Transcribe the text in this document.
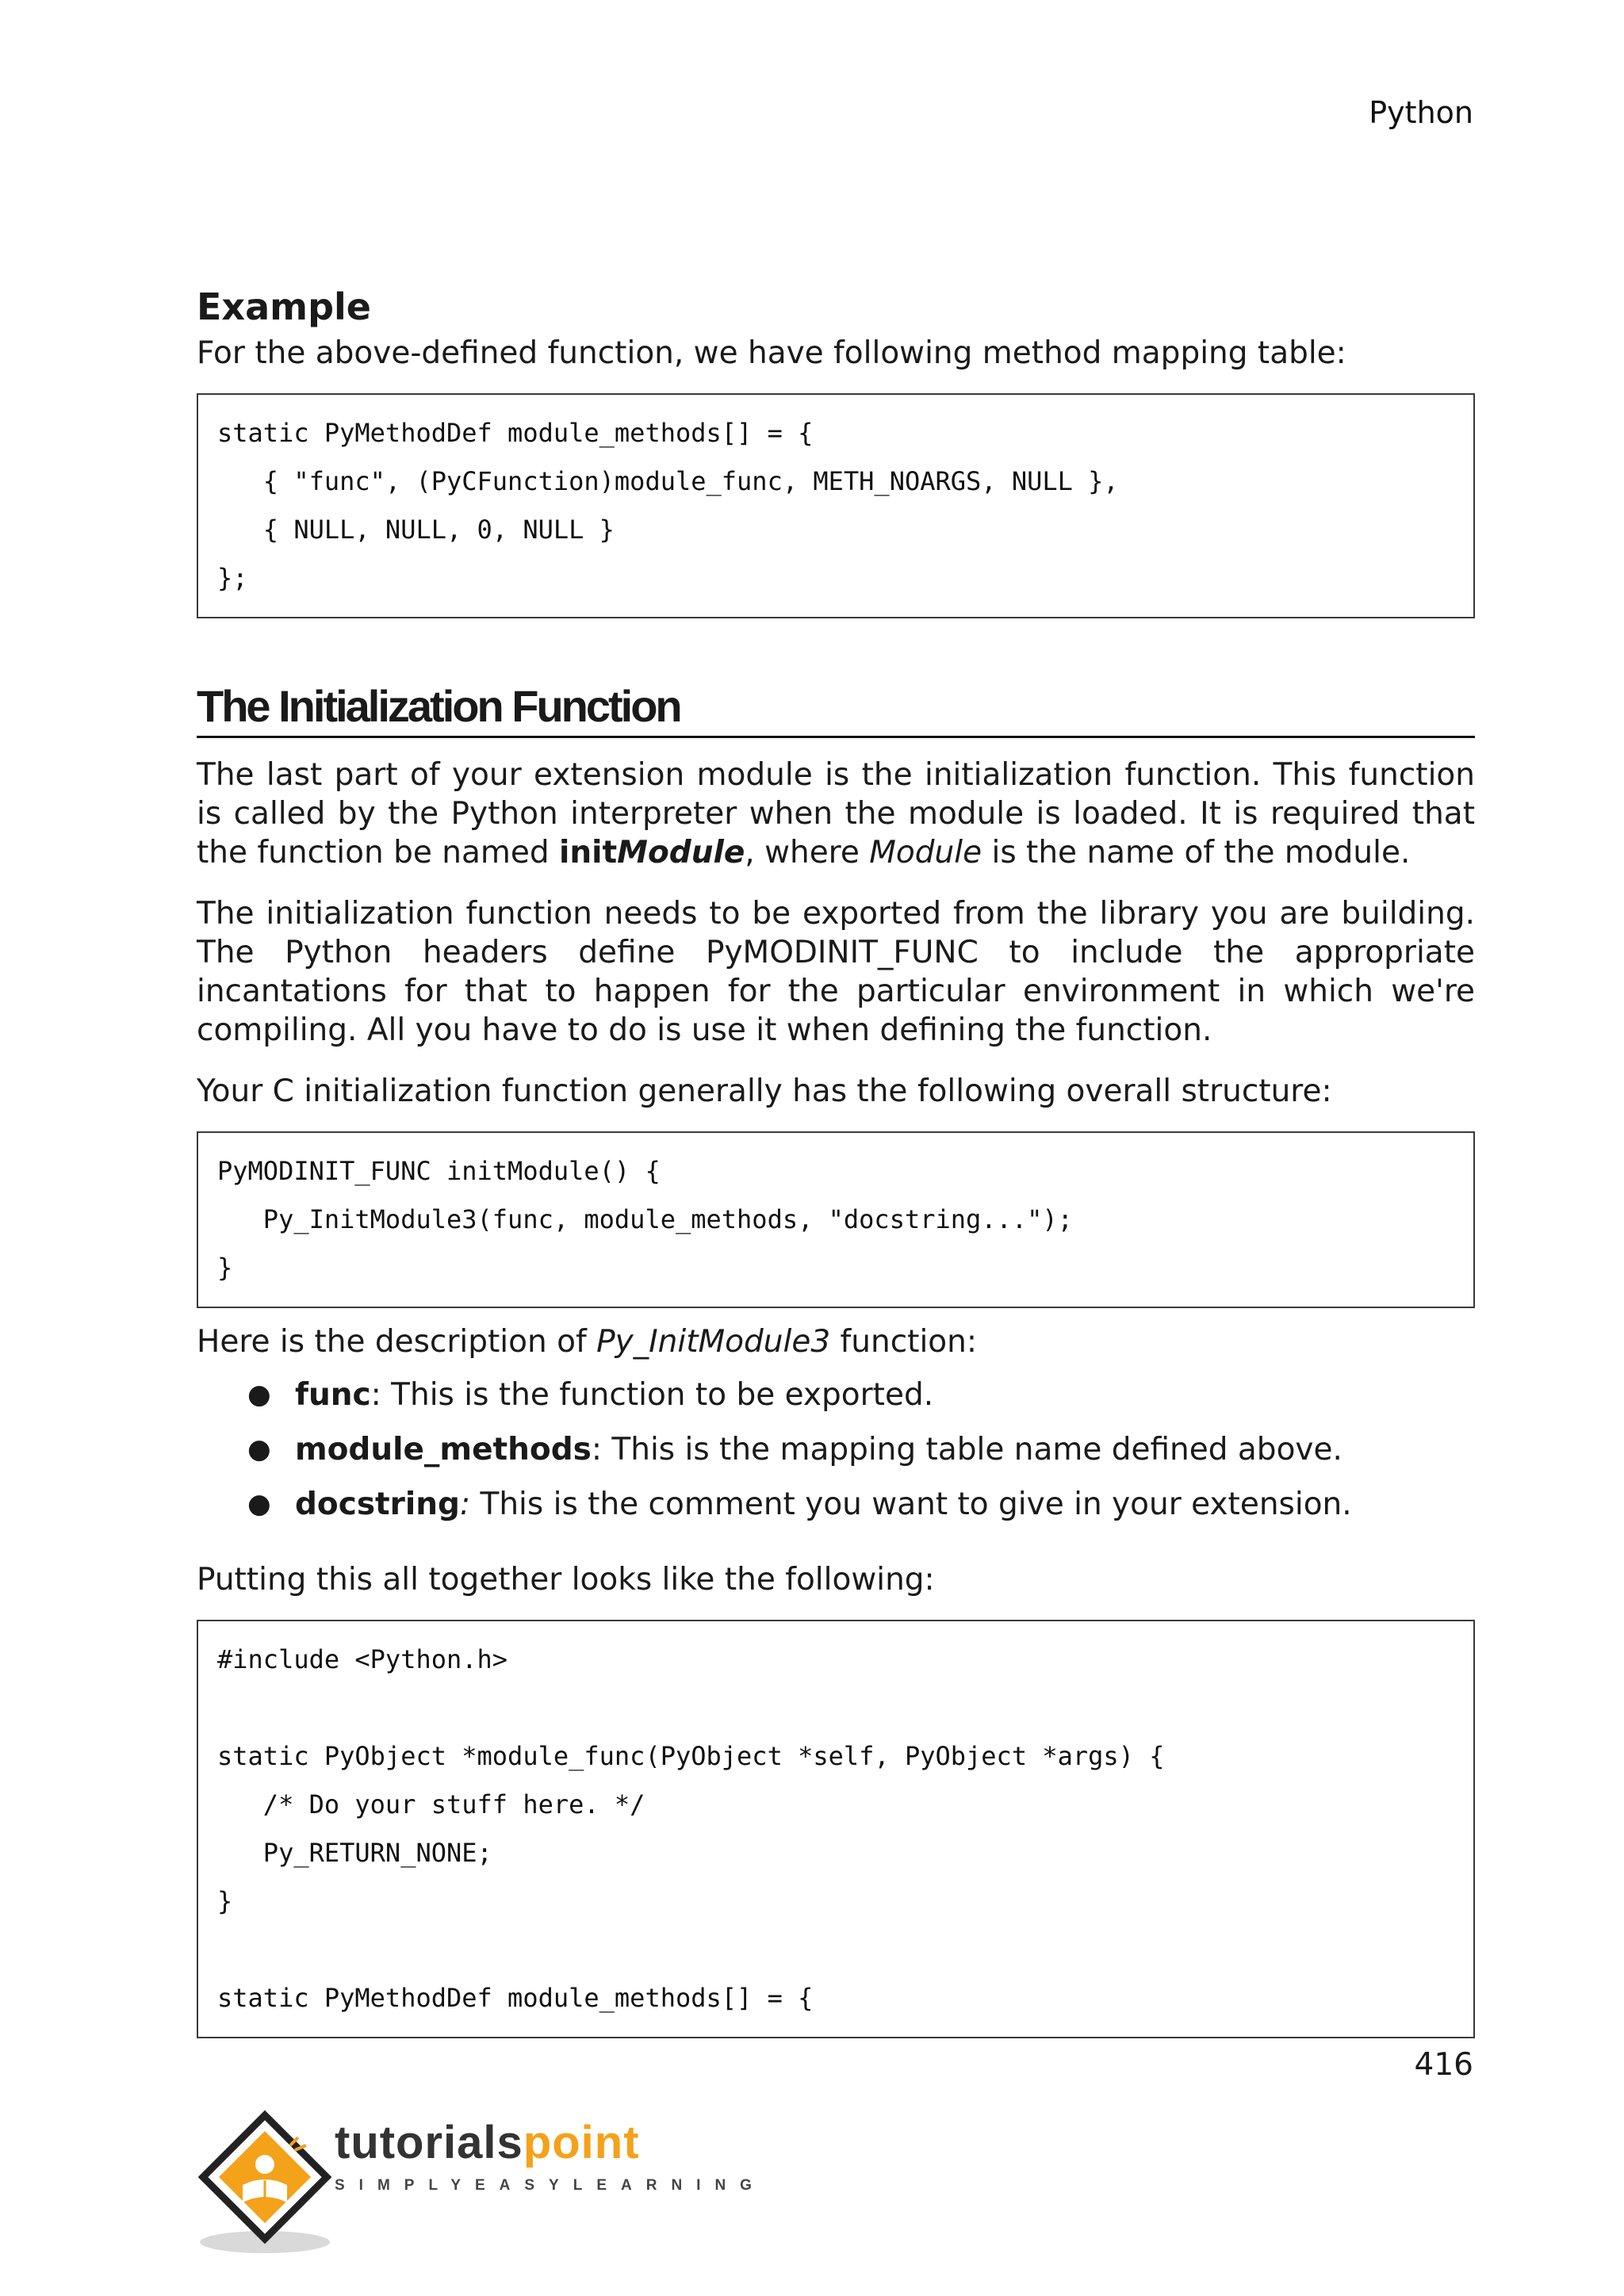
Python
Example

For the above-defined function, we have following method mapping table:

static PyMethodDef module_methods[] = {
{ "func", (PyCFunction)module_func, METH_NOARGS, NULL },
{ NULL, NULL, 0, NULL }
};
The Initialization Function

The last part of your extension module is the initialization function. This function is called by the Python interpreter when the module is loaded. It is required that the function be named initModule, where Module is the name of the module.

The initialization function needs to be exported from the library you are building. The Python headers define PyMODINIT_FUNC to include the appropriate incantations for that to happen for the particular environment in which we're compiling. All you have to do is use it when defining the function.

Your C initialization function generally has the following overall structure:

PyMODINIT_FUNC initModule() {
Py_InitModule3(func, module_methods, "docstring...");
}

Here is the description of Py_InitModule3 function:

● func: This is the function to be exported.
● module_methods: This is the mapping table name defined above.
● docstring: This is the comment you want to give in your extension.

Putting this all together looks like the following:

#include <Python.h>
static PyObject *module_func(PyObject *self, PyObject *args) {
/* Do your stuff here. */
Py_RETURN_NONE;
}
static PyMethodDef module_methods[] = {
416
tutorialspoint
SIMPLYEASYLEARNING
